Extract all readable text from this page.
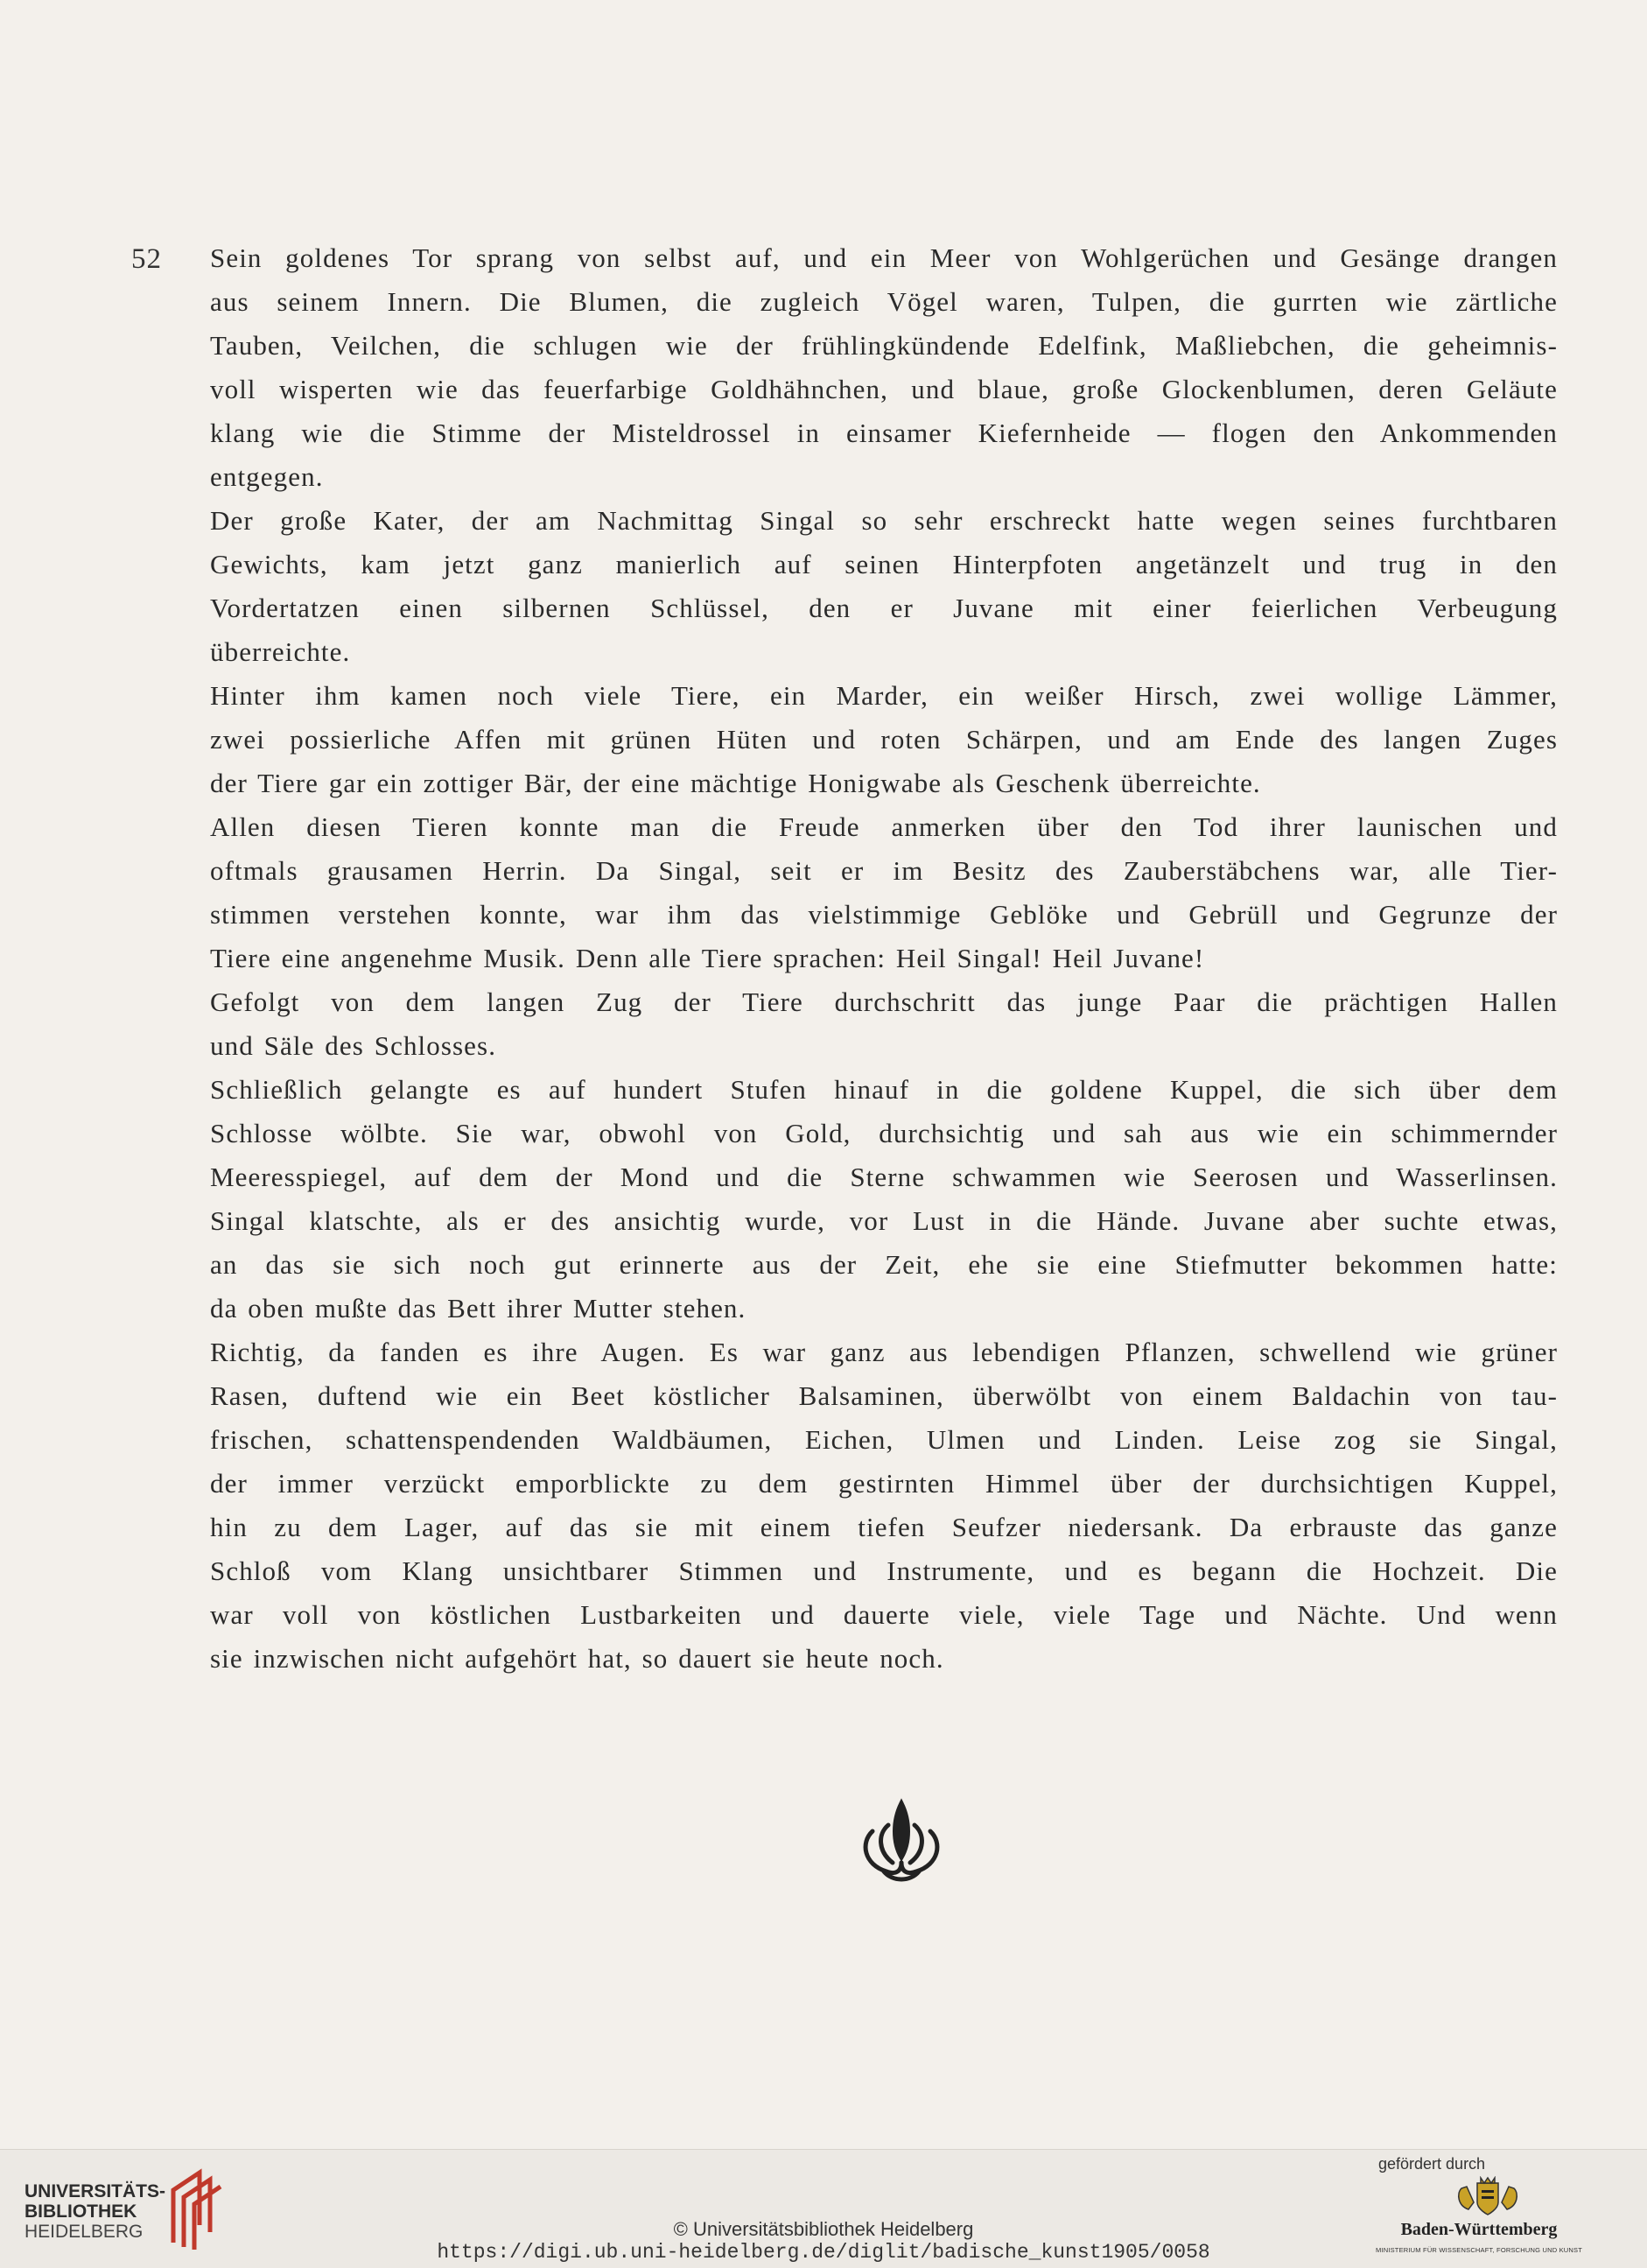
52 Sein goldenes Tor sprang von selbst auf, und ein Meer von Wohlgerüchen und Gesänge drangen
aus seinem Innern. Die Blumen, die zugleich Vögel waren, Tulpen, die gurrten wie zärtliche
Tauben, Veilchen, die schlugen wie der frühlingkündende Edelfink, Maßliebchen, die geheimnis-
voll wisperten wie das feuerfarbige Goldhähnchen, und blaue, große Glockenblumen, deren Geläute
klang wie die Stimme der Misteldrossel in einsamer Kiefernheide — flogen den Ankommenden
entgegen.
Der große Kater, der am Nachmittag Singal so sehr erschreckt hatte wegen seines furchtbaren
Gewichts, kam jetzt ganz manierlich auf seinen Hinterpfoten angetänzelt und trug in den
Vordertatzen einen silbernen Schlüssel, den er Juvane mit einer feierlichen Verbeugung
überreichte.
Hinter ihm kamen noch viele Tiere, ein Marder, ein weißer Hirsch, zwei wollige Lämmer,
zwei possierliche Affen mit grünen Hüten und roten Schärpen, und am Ende des langen Zuges
der Tiere gar ein zottiger Bär, der eine mächtige Honigwabe als Geschenk überreichte.
Allen diesen Tieren konnte man die Freude anmerken über den Tod ihrer launischen und
oftmals grausamen Herrin. Da Singal, seit er im Besitz des Zauberstäbchens war, alle Tier-
stimmen verstehen konnte, war ihm das vielstimmige Geblöke und Gebrüll und Gegrunze der
Tiere eine angenehme Musik. Denn alle Tiere sprachen: Heil Singal! Heil Juvane!
Gefolgt von dem langen Zug der Tiere durchschritt das junge Paar die prächtigen Hallen
und Säle des Schlosses.
Schließlich gelangte es auf hundert Stufen hinauf in die goldene Kuppel, die sich über dem
Schlosse wölbte. Sie war, obwohl von Gold, durchsichtig und sah aus wie ein schimmernder
Meeresspiegel, auf dem der Mond und die Sterne schwammen wie Seerosen und Wasserlinsen.
Singal klatschte, als er des ansichtig wurde, vor Lust in die Hände. Juvane aber suchte etwas,
an das sie sich noch gut erinnerte aus der Zeit, ehe sie eine Stiefmutter bekommen hatte:
da oben mußte das Bett ihrer Mutter stehen.
Richtig, da fanden es ihre Augen. Es war ganz aus lebendigen Pflanzen, schwellend wie grüner
Rasen, duftend wie ein Beet köstlicher Balsaminen, überwölbt von einem Baldachin von tau-
frischen, schattenspendenden Waldbäumen, Eichen, Ulmen und Linden. Leise zog sie Singal,
der immer verzückt emporblickte zu dem gestirnten Himmel über der durchsichtigen Kuppel,
hin zu dem Lager, auf das sie mit einem tiefen Seufzer niedersank. Da erbrauste das ganze
Schloß vom Klang unsichtbarer Stimmen und Instrumente, und es begann die Hochzeit. Die
war voll von köstlichen Lustbarkeiten und dauerte viele, viele Tage und Nächte. Und wenn
sie inzwischen nicht aufgehört hat, so dauert sie heute noch.
UNIVERSITÄTS-
BIBLIOTHEK
HEIDELBERG	© Universitätsbibliothek Heidelberg
https://digi.ub.uni-heidelberg.de/diglit/badische_kunst1905/0058
gefördert durch
Baden-Württemberg
MINISTERIUM FÜR WISSENSCHAFT, FORSCHUNG UND KUNST
